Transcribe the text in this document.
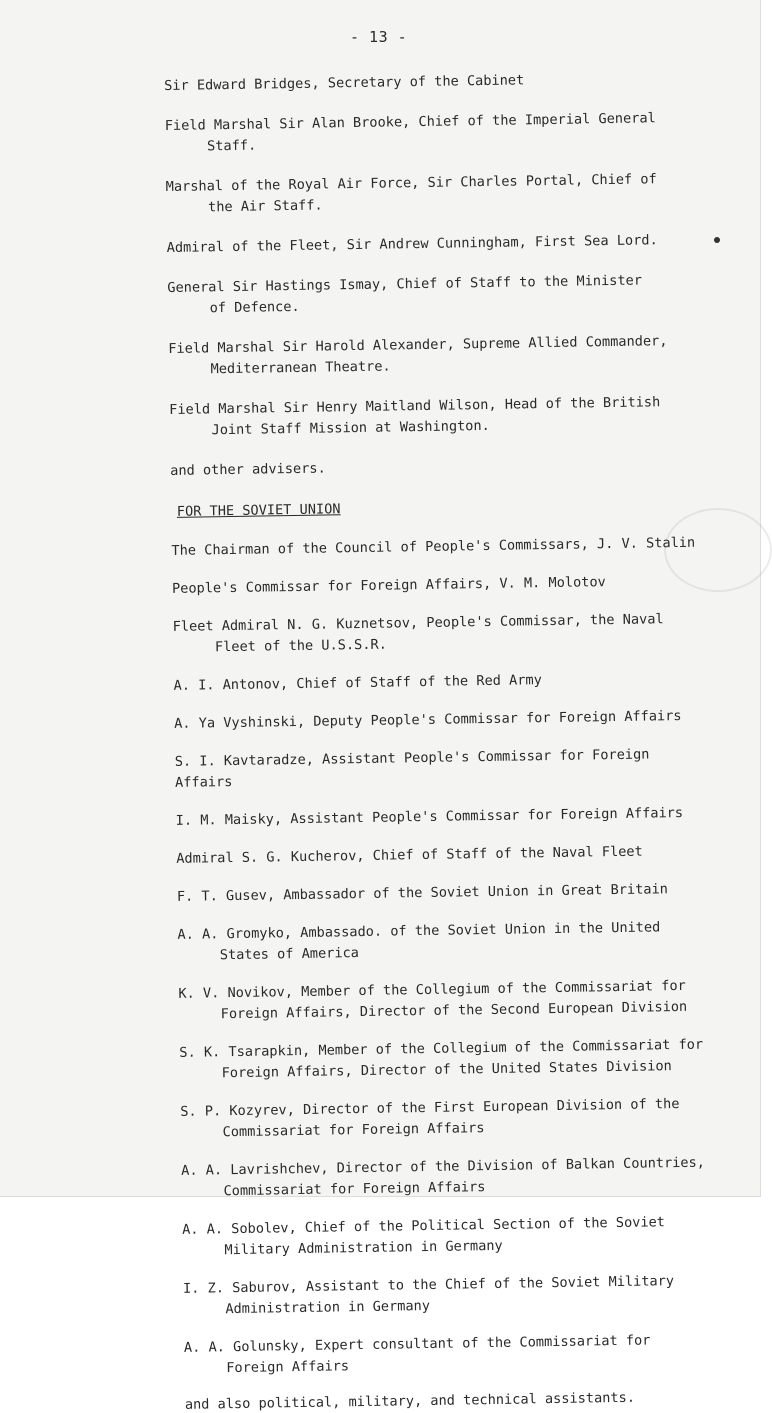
- 13 -
Sir Edward Bridges, Secretary of the Cabinet
Field Marshal Sir Alan Brooke, Chief of the Imperial General
Staff.
Marshal of the Royal Air Force, Sir Charles Portal, Chief of
the Air Staff.
Admiral of the Fleet, Sir Andrew Cunningham, First Sea Lord.
General Sir Hastings Ismay, Chief of Staff to the Minister
of Defence.
Field Marshal Sir Harold Alexander, Supreme Allied Commander,
Mediterranean Theatre.
Field Marshal Sir Henry Maitland Wilson, Head of the British
Joint Staff Mission at Washington.
and other advisers.
FOR THE SOVIET UNION
The Chairman of the Council of People's Commissars, J. V. Stalin
People's Commissar for Foreign Affairs, V. M. Molotov
Fleet Admiral N. G. Kuznetsov, People's Commissar, the Naval
Fleet of the U.S.S.R.
A. I. Antonov, Chief of Staff of the Red Army
A. Ya Vyshinski, Deputy People's Commissar for Foreign Affairs
S. I. Kavtaradze, Assistant People's Commissar for Foreign Affairs
I. M. Maisky, Assistant People's Commissar for Foreign Affairs
Admiral S. G. Kucherov, Chief of Staff of the Naval Fleet
F. T. Gusev, Ambassador of the Soviet Union in Great Britain
A. A. Gromyko, Ambassado. of the Soviet Union in the United
States of America
K. V. Novikov, Member of the Collegium of the Commissariat for
Foreign Affairs, Director of the Second European Division
S. K. Tsarapkin, Member of the Collegium of the Commissariat for
Foreign Affairs, Director of the United States Division
S. P. Kozyrev, Director of the First European Division of the
Commissariat for Foreign Affairs
A. A. Lavrishchev, Director of the Division of Balkan Countries,
Commissariat for Foreign Affairs
A. A. Sobolev, Chief of the Political Section of the Soviet
Military Administration in Germany
I. Z. Saburov, Assistant to the Chief of the Soviet Military
Administration in Germany
A. A. Golunsky, Expert consultant of the Commissariat for
Foreign Affairs
and also political, military, and technical assistants.
